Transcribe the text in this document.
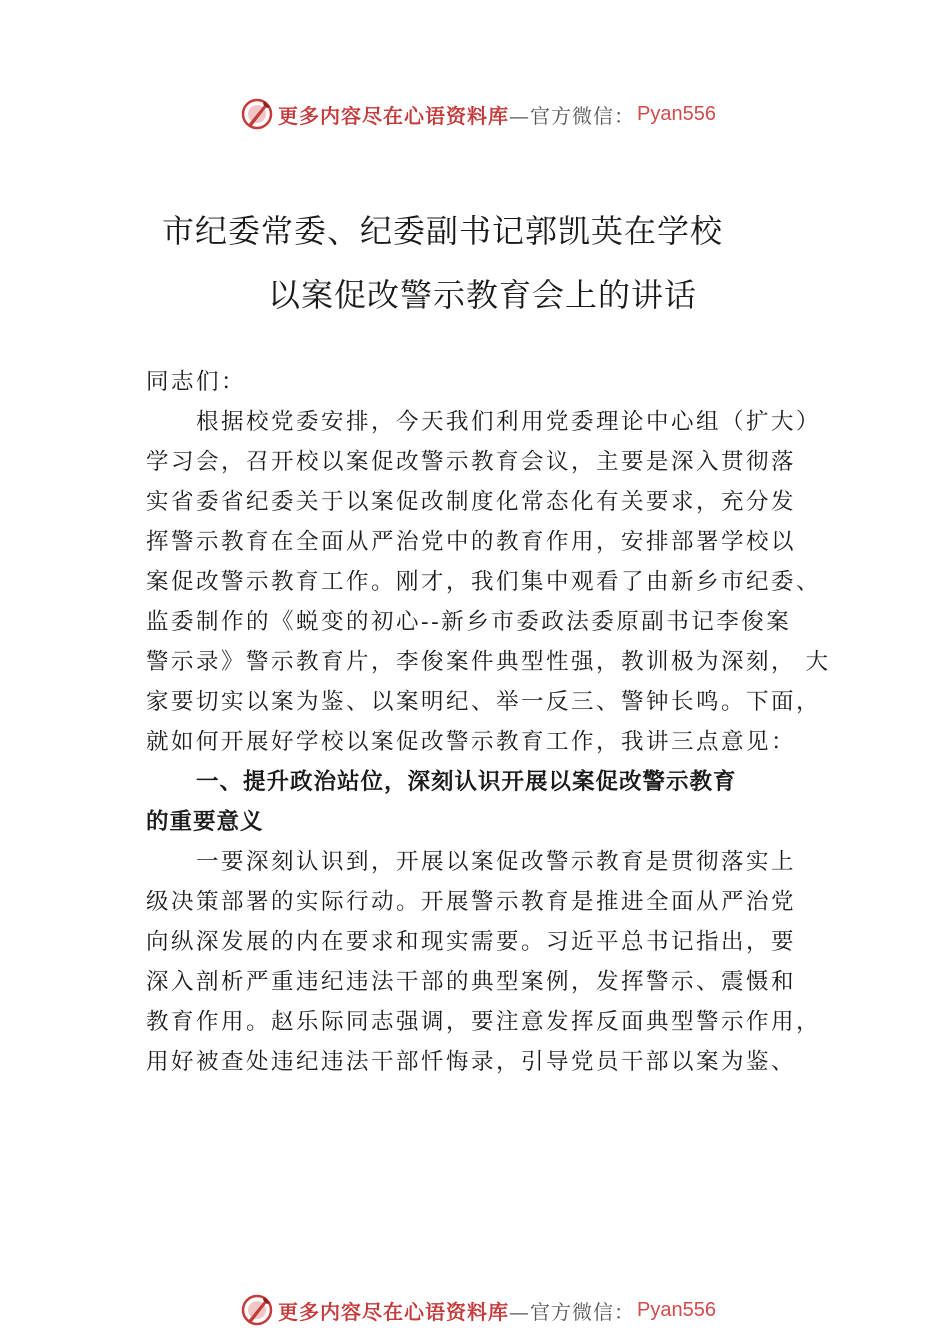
更多内容尽在心语资料库 —官方微信： Pyan556
市纪委常委、纪委副书记郭凯英在学校
以案促改警示教育会上的讲话
同志们：
根据校党委安排，今天我们利用党委理论中心组（扩大）
学习会，召开校以案促改警示教育会议，主要是深入贯彻落
实省委省纪委关于以案促改制度化常态化有关要求，充分发
挥警示教育在全面从严治党中的教育作用，安排部署学校以
案促改警示教育工作。刚才，我们集中观看了由新乡市纪委、
监委制作的《蜕变的初心--新乡市委政法委原副书记李俊案
警示录》警示教育片，李俊案件典型性强，教训极为深刻， 大
家要切实以案为鉴、以案明纪、举一反三、警钟长鸣。下面，
就如何开展好学校以案促改警示教育工作，我讲三点意见：
一、提升政治站位，深刻认识开展以案促改警示教育
的重要意义
一要深刻认识到，开展以案促改警示教育是贯彻落实上
级决策部署的实际行动。开展警示教育是推进全面从严治党
向纵深发展的内在要求和现实需要。习近平总书记指出，要
深入剖析严重违纪违法干部的典型案例，发挥警示、震慑和
教育作用。赵乐际同志强调，要注意发挥反面典型警示作用，
用好被查处违纪违法干部忏悔录，引导党员干部以案为鉴、
更多内容尽在心语资料库 —官方微信： Pyan556
